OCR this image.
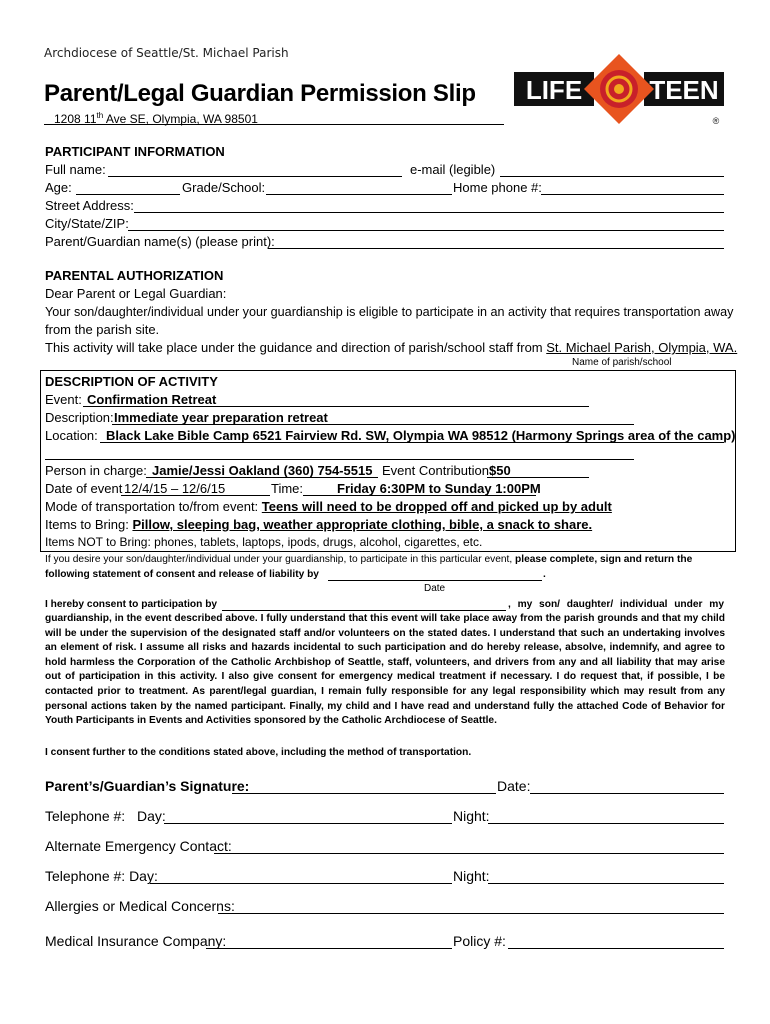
Archdiocese of Seattle/St. Michael Parish
Parent/Legal Guardian Permission Slip
1208 11th Ave SE, Olympia, WA 98501
LIFE	TEEN
®
PARTICIPANT INFORMATION
Full name:	e-mail (legible)
Age:	Grade/School:	Home phone #:
Street Address:
City/State/ZIP:
Parent/Guardian name(s) (please print):
PARENTAL AUTHORIZATION
Dear Parent or Legal Guardian:
Your son/daughter/individual under your guardianship is eligible to participate in an activity that requires transportation away
from the parish site.
This activity will take place under the guidance and direction of parish/school staff from St. Michael Parish, Olympia, WA.
Name of parish/school
DESCRIPTION OF ACTIVITY
Event: Confirmation Retreat
Description: Immediate year preparation retreat
Location: Black Lake Bible Camp 6521 Fairview Rd. SW, Olympia WA 98512 (Harmony Springs area of the camp)
Person in charge: Jamie/Jessi Oakland (360) 754-5515 Event Contribution:
$50
Date of event 12/4/15 – 12/6/15	Time:	Friday 6:30PM to Sunday 1:00PM
Mode of transportation to/from event: Teens will need to be dropped off and picked up by adult
Items to Bring: Pillow, sleeping bag, weather appropriate clothing, bible, a snack to share.
Items NOT to Bring: phones, tablets, laptops, ipods, drugs, alcohol, cigarettes, etc.
If you desire your son/daughter/individual under your guardianship, to participate in this particular event, please complete, sign and return the
following statement of consent and release of liability by	.
Date
I hereby consent to participation by	, my son/ daughter/ individual under my
guardianship, in the event described above. I fully understand that this event will take place away from the parish grounds and that my child will be under the supervision of the designated staff and/or volunteers on the stated dates. I understand that such an undertaking involves an element of risk. I assume all risks and hazards incidental to such participation and do hereby release, absolve, indemnify, and agree to hold harmless the Corporation of the Catholic Archbishop of Seattle, staff, volunteers, and drivers from any and all liability that may arise out of participation in this activity. I also give consent for emergency medical treatment if necessary. I do request that, if possible, I be contacted prior to treatment. As parent/legal guardian, I remain fully responsible for any legal responsibility which may result from any personal actions taken by the named participant. Finally, my child and I have read and understand fully the attached Code of Behavior for Youth Participants in Events and Activities sponsored by the Catholic Archdiocese of Seattle.
I consent further to the conditions stated above, including the method of transportation.
Parent’s/Guardian’s Signature:	Date:
Telephone #: Day:	Night:
Alternate Emergency Contact:
Telephone #: Day:	Night:
Allergies or Medical Concerns:
Medical Insurance Company:	Policy #:
